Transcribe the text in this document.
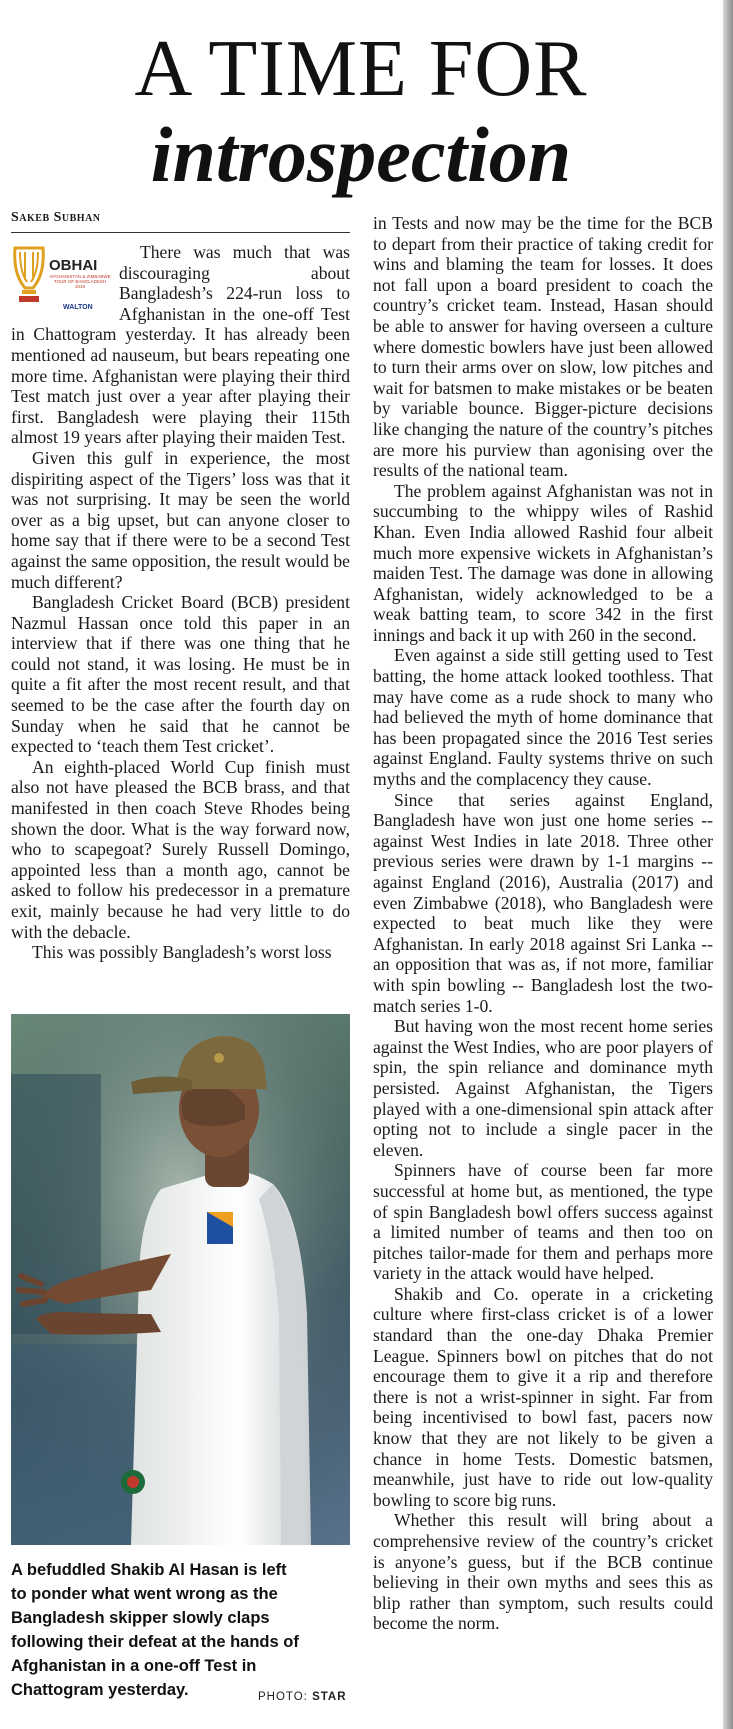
A TIME FOR
introspection
Sakeb Subhan
OBHAI
AFGHANISTAN & ZIMBABWE TOUR OF BANGLADESH 2019
WALTON

There was much that was discouraging about Bangladesh’s 224-run loss to Afghanistan in the one-off Test in Chattogram yesterday. It has already been mentioned ad nauseum, but bears repeating one more time. Afghanistan were playing their third Test match just over a year after playing their first. Bangladesh were playing their 115th almost 19 years after playing their maiden Test.

Given this gulf in experience, the most dispiriting aspect of the Tigers’ loss was that it was not surprising. It may be seen the world over as a big upset, but can anyone closer to home say that if there were to be a second Test against the same opposition, the result would be much different?

Bangladesh Cricket Board (BCB) president Nazmul Hassan once told this paper in an interview that if there was one thing that he could not stand, it was losing. He must be in quite a fit after the most recent result, and that seemed to be the case after the fourth day on Sunday when he said that he cannot be expected to ‘teach them Test cricket’.

An eighth-placed World Cup finish must also not have pleased the BCB brass, and that manifested in then coach Steve Rhodes being shown the door. What is the way forward now, who to scapegoat? Surely Russell Domingo, appointed less than a month ago, cannot be asked to follow his predecessor in a premature exit, mainly because he had very little to do with the debacle.

This was possibly Bangladesh’s worst loss

in Tests and now may be the time for the BCB to depart from their practice of taking credit for wins and blaming the team for losses. It does not fall upon a board president to coach the country’s cricket team. Instead, Hasan should be able to answer for having overseen a culture where domestic bowlers have just been allowed to turn their arms over on slow, low pitches and wait for batsmen to make mistakes or be beaten by variable bounce. Bigger-picture decisions like changing the nature of the country’s pitches are more his purview than agonising over the results of the national team.

The problem against Afghanistan was not in succumbing to the whippy wiles of Rashid Khan. Even India allowed Rashid four albeit much more expensive wickets in Afghanistan’s maiden Test. The damage was done in allowing Afghanistan, widely acknowledged to be a weak batting team, to score 342 in the first innings and back it up with 260 in the second.

Even against a side still getting used to Test batting, the home attack looked toothless. That may have come as a rude shock to many who had believed the myth of home dominance that has been propagated since the 2016 Test series against England. Faulty systems thrive on such myths and the complacency they cause.

Since that series against England, Bangladesh have won just one home series -- against West Indies in late 2018. Three other previous series were drawn by 1-1 margins -- against England (2016), Australia (2017) and even Zimbabwe (2018), who Bangladesh were expected to beat much like they were Afghanistan. In early 2018 against Sri Lanka -- an opposition that was as, if not more, familiar with spin bowling -- Bangladesh lost the two-match series 1-0.

But having won the most recent home series against the West Indies, who are poor players of spin, the spin reliance and dominance myth persisted. Against Afghanistan, the Tigers played with a one-dimensional spin attack after opting not to include a single pacer in the eleven.

Spinners have of course been far more successful at home but, as mentioned, the type of spin Bangladesh bowl offers success against a limited number of teams and then too on pitches tailor-made for them and perhaps more variety in the attack would have helped.

Shakib and Co. operate in a cricketing culture where first-class cricket is of a lower standard than the one-day Dhaka Premier League. Spinners bowl on pitches that do not encourage them to give it a rip and therefore there is not a wrist-spinner in sight. Far from being incentivised to bowl fast, pacers now know that they are not likely to be given a chance in home Tests. Domestic batsmen, meanwhile, just have to ride out low-quality bowling to score big runs.

Whether this result will bring about a comprehensive review of the country’s cricket is anyone’s guess, but if the BCB continue believing in their own myths and sees this as blip rather than symptom, such results could become the norm.

A befuddled Shakib Al Hasan is left to ponder what went wrong as the Bangladesh skipper slowly claps following their defeat at the hands of Afghanistan in a one-off Test in Chattogram yesterday.	PHOTO: STAR
